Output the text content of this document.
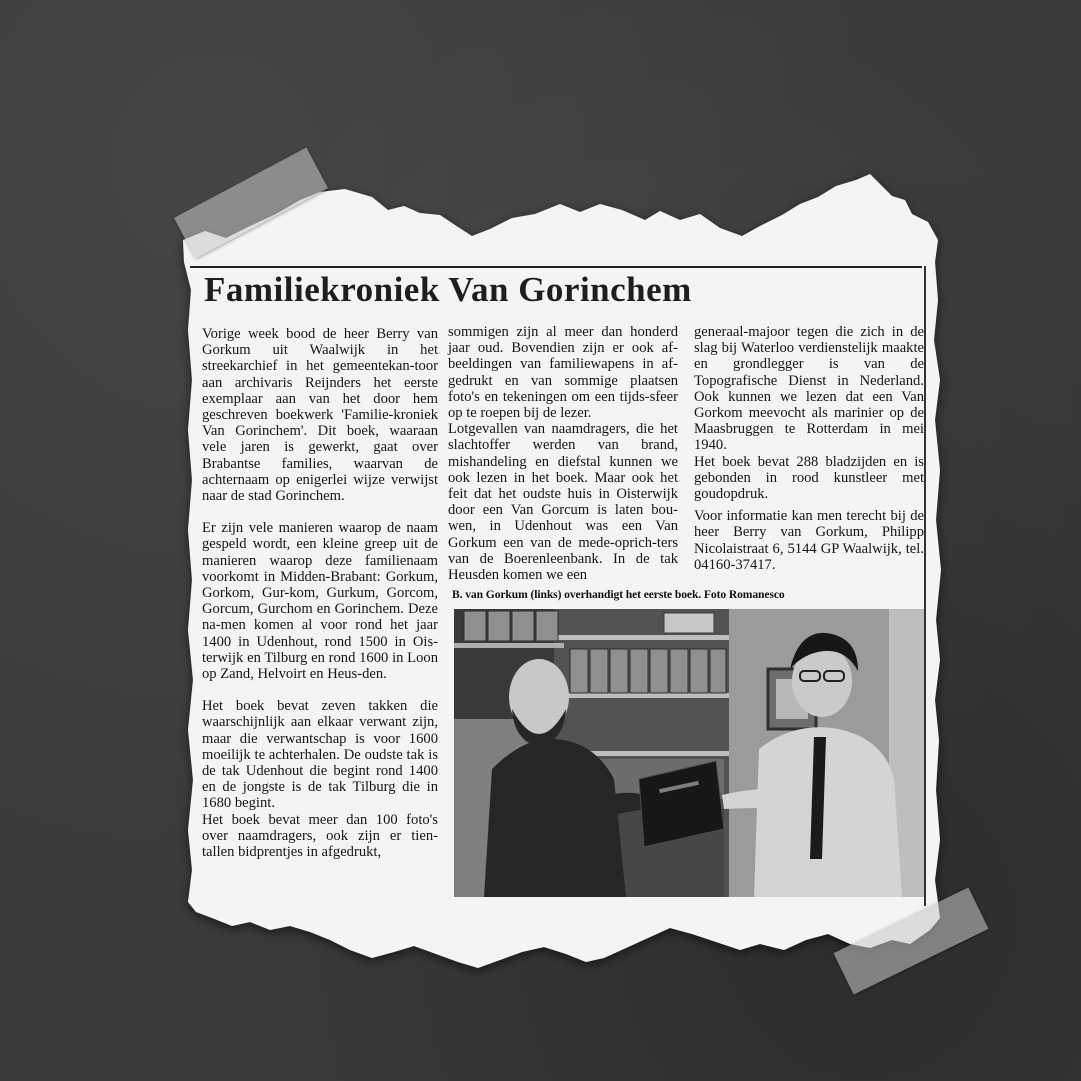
Familiekroniek Van Gorinchem

Vorige week bood de heer Berry van Gorkum uit Waalwijk in het streekarchief in het gemeentekan-toor aan archivaris Reijnders het eerste exemplaar aan van het door hem geschreven boekwerk 'Familie-kroniek Van Gorinchem'. Dit boek, waaraan vele jaren is gewerkt, gaat over Brabantse families, waarvan de achternaam op enigerlei wijze verwijst naar de stad Gorinchem.

Er zijn vele manieren waarop de naam gespeld wordt, een kleine greep uit de manieren waarop deze familienaam voorkomt in Midden-Brabant: Gorkum, Gorkom, Gur-kom, Gurkum, Gorcom, Gorcum, Gurchom en Gorinchem. Deze na-men komen al voor rond het jaar 1400 in Udenhout, rond 1500 in Ois-terwijk en Tilburg en rond 1600 in Loon op Zand, Helvoirt en Heus-den.

Het boek bevat zeven takken die waarschijnlijk aan elkaar verwant zijn, maar die verwantschap is voor 1600 moeilijk te achterhalen. De oudste tak is de tak Udenhout die begint rond 1400 en de jongste is de tak Tilburg die in 1680 begint.

Het boek bevat meer dan 100 foto's over naamdragers, ook zijn er tien-tallen bidprentjes in afgedrukt,

sommigen zijn al meer dan honderd jaar oud. Bovendien zijn er ook af-beeldingen van familiewapens in af-gedrukt en van sommige plaatsen foto's en tekeningen om een tijds-sfeer op te roepen bij de lezer.

Lotgevallen van naamdragers, die het slachtoffer werden van brand, mishandeling en diefstal kunnen we ook lezen in het boek. Maar ook het feit dat het oudste huis in Oisterwijk door een Van Gorcum is laten bou-wen, in Udenhout was een Van Gorkum een van de mede-oprich-ters van de Boerenleenbank. In de tak Heusden komen we een

generaal-majoor tegen die zich in de slag bij Waterloo verdienstelijk maakte en grondlegger is van de Topografische Dienst in Nederland. Ook kunnen we lezen dat een Van Gorkom meevocht als marinier op de Maasbruggen te Rotterdam in mei 1940.

Het boek bevat 288 bladzijden en is gebonden in rood kunstleer met goudopdruk.

Voor informatie kan men terecht bij de heer Berry van Gorkum, Philipp Nicolaistraat 6, 5144 GP Waalwijk, tel. 04160-37417.

B. van Gorkum (links) overhandigt het eerste boek. Foto Romanesco
